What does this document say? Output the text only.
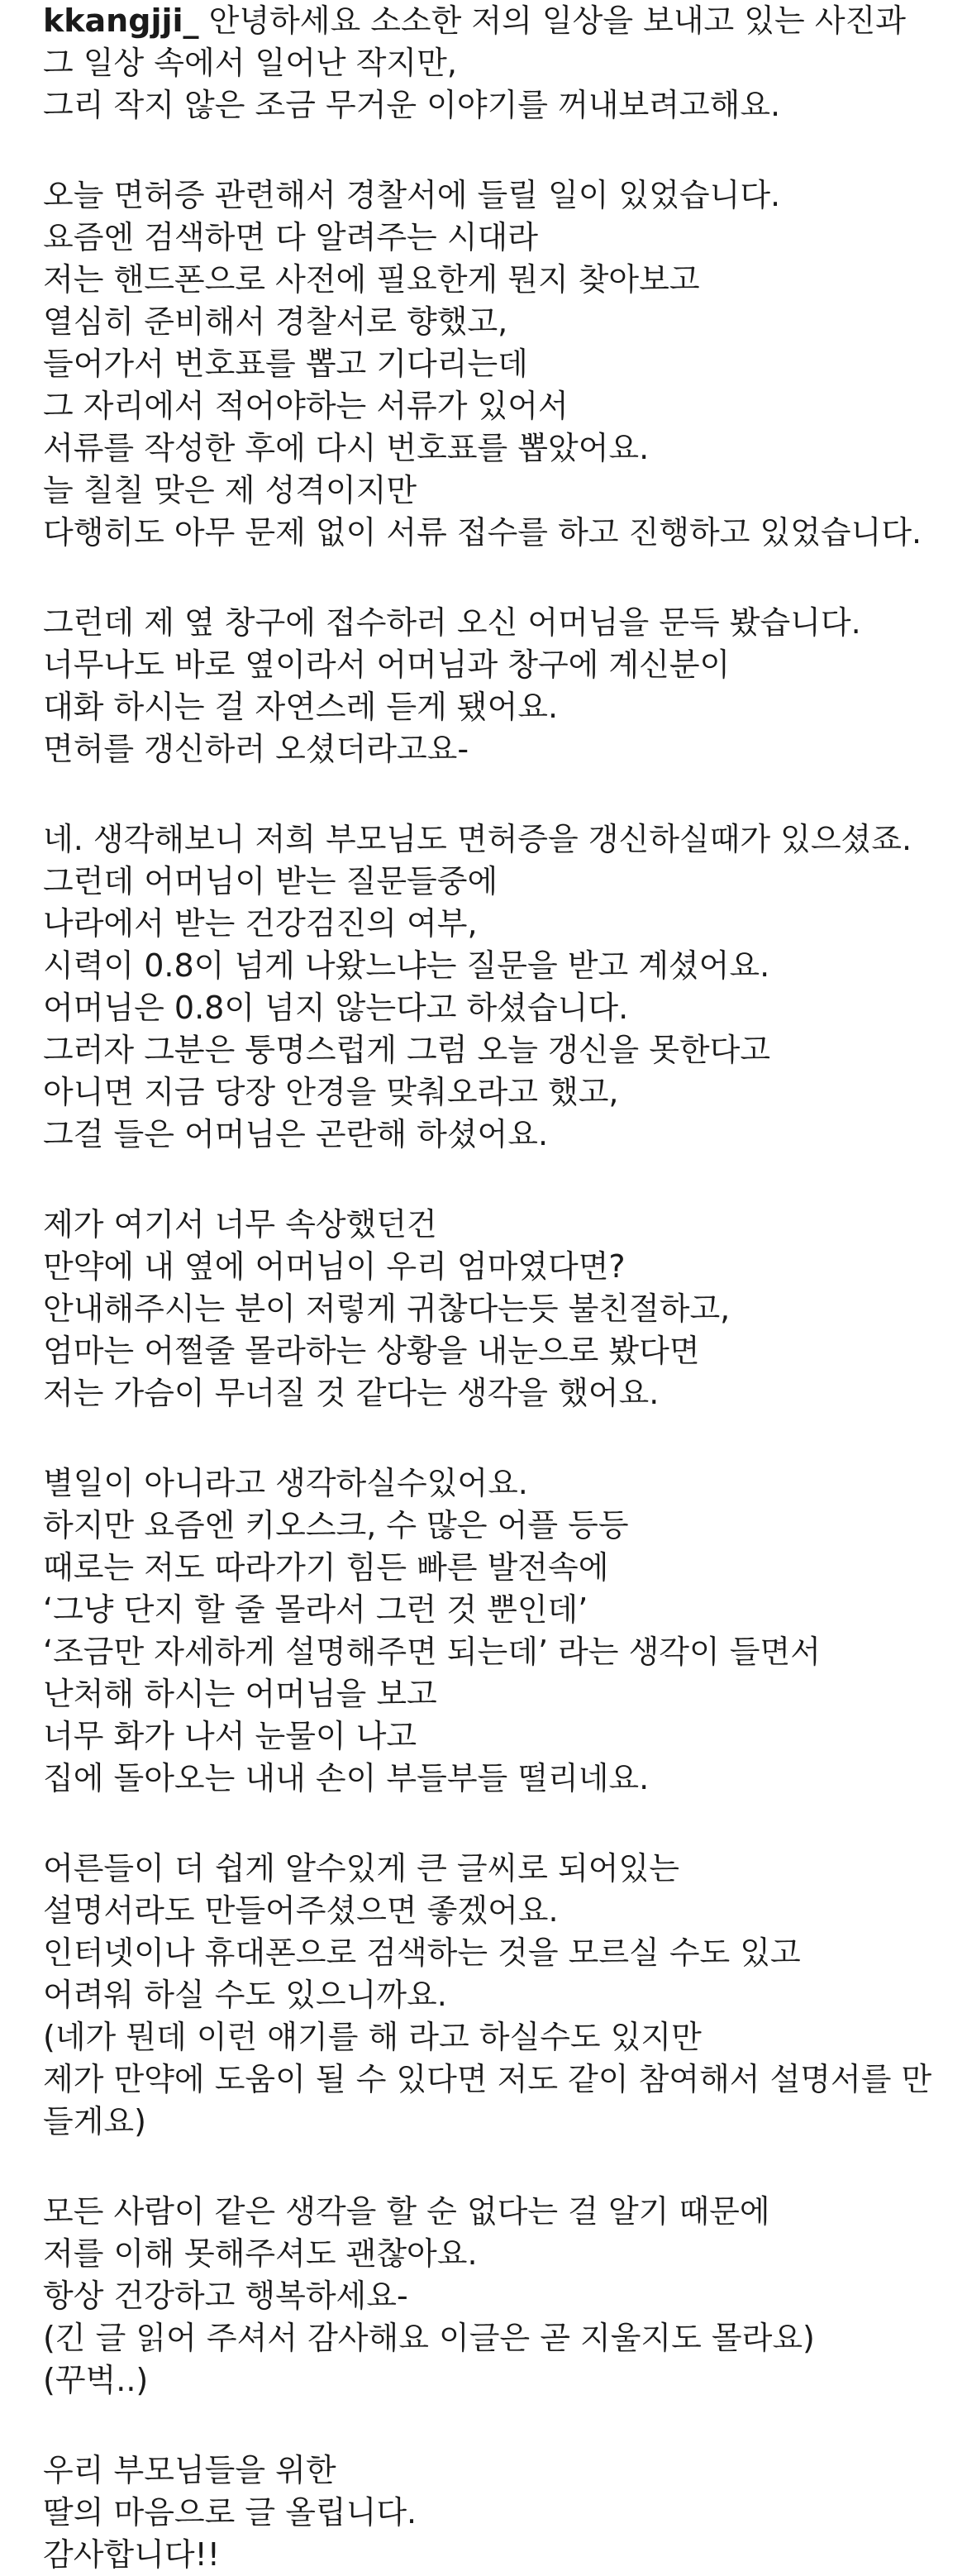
kkangjji_ 안녕하세요 소소한 저의 일상을 보내고 있는 사진과
그 일상 속에서 일어난 작지만,
그리 작지 않은 조금 무거운 이야기를 꺼내보려고해요.
오늘 면허증 관련해서 경찰서에 들릴 일이 있었습니다.
요즘엔 검색하면 다 알려주는 시대라
저는 핸드폰으로 사전에 필요한게 뭔지 찾아보고
열심히 준비해서 경찰서로 향했고,
들어가서 번호표를 뽑고 기다리는데
그 자리에서 적어야하는 서류가 있어서
서류를 작성한 후에 다시 번호표를 뽑았어요.
늘 칠칠 맞은 제 성격이지만
다행히도 아무 문제 없이 서류 접수를 하고 진행하고 있었습니다.
그런데 제 옆 창구에 접수하러 오신 어머님을 문득 봤습니다.
너무나도 바로 옆이라서 어머님과 창구에 계신분이
대화 하시는 걸 자연스레 듣게 됐어요.
면허를 갱신하러 오셨더라고요-
네. 생각해보니 저희 부모님도 면허증을 갱신하실때가 있으셨죠.
그런데 어머님이 받는 질문들중에
나라에서 받는 건강검진의 여부,
시력이 0.8이 넘게 나왔느냐는 질문을 받고 계셨어요.
어머님은 0.8이 넘지 않는다고 하셨습니다.
그러자 그분은 퉁명스럽게 그럼 오늘 갱신을 못한다고
아니면 지금 당장 안경을 맞춰오라고 했고,
그걸 들은 어머님은 곤란해 하셨어요.
제가 여기서 너무 속상했던건
만약에 내 옆에 어머님이 우리 엄마였다면?
안내해주시는 분이 저렇게 귀찮다는듯 불친절하고,
엄마는 어쩔줄 몰라하는 상황을 내눈으로 봤다면
저는 가슴이 무너질 것 같다는 생각을 했어요.
별일이 아니라고 생각하실수있어요.
하지만 요즘엔 키오스크, 수 많은 어플 등등
때로는 저도 따라가기 힘든 빠른 발전속에
‘그냥 단지 할 줄 몰라서 그런 것 뿐인데’
‘조금만 자세하게 설명해주면 되는데’ 라는 생각이 들면서
난처해 하시는 어머님을 보고
너무 화가 나서 눈물이 나고
집에 돌아오는 내내 손이 부들부들 떨리네요.
어른들이 더 쉽게 알수있게 큰 글씨로 되어있는
설명서라도 만들어주셨으면 좋겠어요.
인터넷이나 휴대폰으로 검색하는 것을 모르실 수도 있고
어려워 하실 수도 있으니까요.
(네가 뭔데 이런 얘기를 해 라고 하실수도 있지만
제가 만약에 도움이 될 수 있다면 저도 같이 참여해서 설명서를 만
들게요)
모든 사람이 같은 생각을 할 순 없다는 걸 알기 때문에
저를 이해 못해주셔도 괜찮아요.
항상 건강하고 행복하세요-
(긴 글 읽어 주셔서 감사해요 이글은 곧 지울지도 몰라요)
(꾸벅..)
우리 부모님들을 위한
딸의 마음으로 글 올립니다.
감사합니다!!
